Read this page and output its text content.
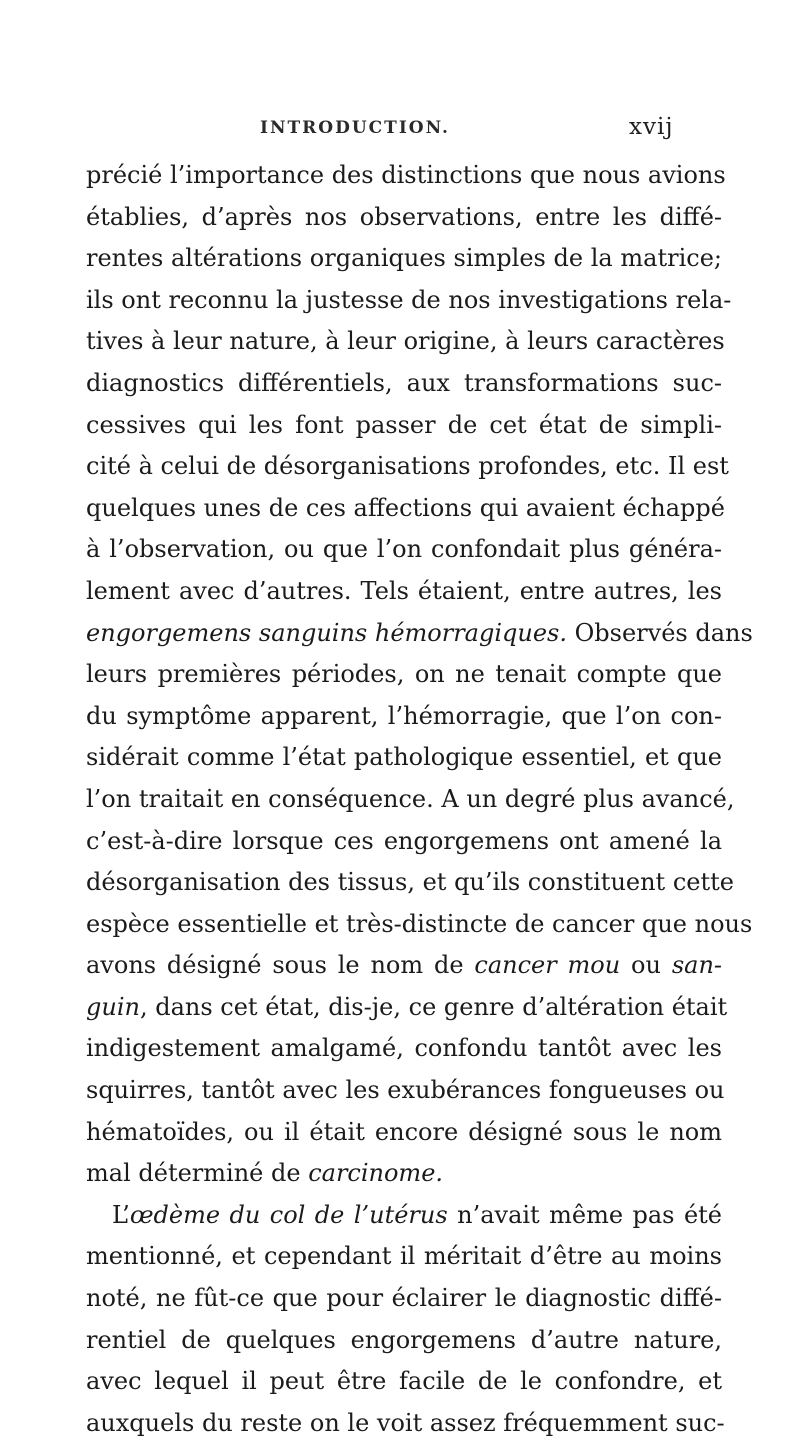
INTRODUCTION.	xvij
précié l’importance des distinctions que nous avions
établies, d’après nos observations, entre les diffé-
rentes altérations organiques simples de la matrice;
ils ont reconnu la justesse de nos investigations rela-
tives à leur nature, à leur origine, à leurs caractères
diagnostics différentiels, aux transformations suc-
cessives qui les font passer de cet état de simpli-
cité à celui de désorganisations profondes, etc. Il est
quelques unes de ces affections qui avaient échappé
à l’observation, ou que l’on confondait plus généra-
lement avec d’autres. Tels étaient, entre autres, les
engorgemens sanguins hémorragiques. Observés dans
leurs premières périodes, on ne tenait compte que
du symptôme apparent, l’hémorragie, que l’on con-
sidérait comme l’état pathologique essentiel, et que
l’on traitait en conséquence. A un degré plus avancé,
c’est-à-dire lorsque ces engorgemens ont amené la
désorganisation des tissus, et qu’ils constituent cette
espèce essentielle et très-distincte de cancer que nous
avons désigné sous le nom de cancer mou ou san-
guin, dans cet état, dis-je, ce genre d’altération était
indigestement amalgamé, confondu tantôt avec les
squirres, tantôt avec les exubérances fongueuses ou
hématoïdes, ou il était encore désigné sous le nom
mal déterminé de carcinome.
L’œdème du col de l’utérus n’avait même pas été
mentionné, et cependant il méritait d’être au moins
noté, ne fût-ce que pour éclairer le diagnostic diffé-
rentiel de quelques engorgemens d’autre nature,
avec lequel il peut être facile de le confondre, et
auxquels du reste on le voit assez fréquemment suc-
